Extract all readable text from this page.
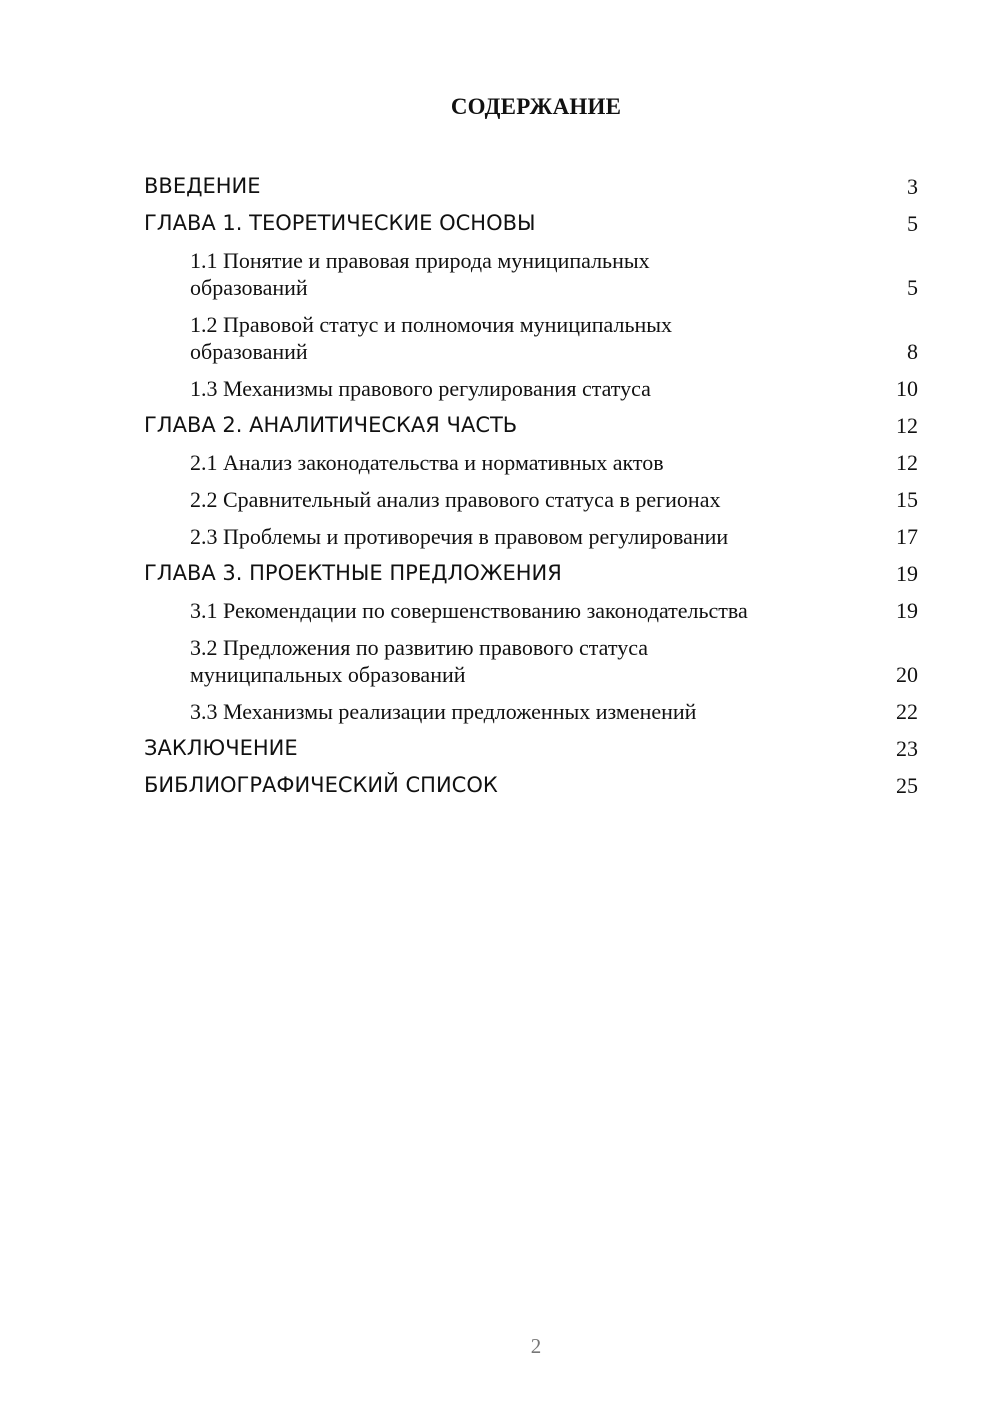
СОДЕРЖАНИЕ
ВВЕДЕНИЕ	3
ГЛАВА 1. ТЕОРЕТИЧЕСКИЕ ОСНОВЫ	5
1.1 Понятие и правовая природа муниципальных образований	5
1.2 Правовой статус и полномочия муниципальных образований	8
1.3 Механизмы правового регулирования статуса	10
ГЛАВА 2. АНАЛИТИЧЕСКАЯ ЧАСТЬ	12
2.1 Анализ законодательства и нормативных актов	12
2.2 Сравнительный анализ правового статуса в регионах	15
2.3 Проблемы и противоречия в правовом регулировании	17
ГЛАВА 3. ПРОЕКТНЫЕ ПРЕДЛОЖЕНИЯ	19
3.1 Рекомендации по совершенствованию законодательства	19
3.2 Предложения по развитию правового статуса муниципальных образований	20
3.3 Механизмы реализации предложенных изменений	22
ЗАКЛЮЧЕНИЕ	23
БИБЛИОГРАФИЧЕСКИЙ СПИСОК	25
2
